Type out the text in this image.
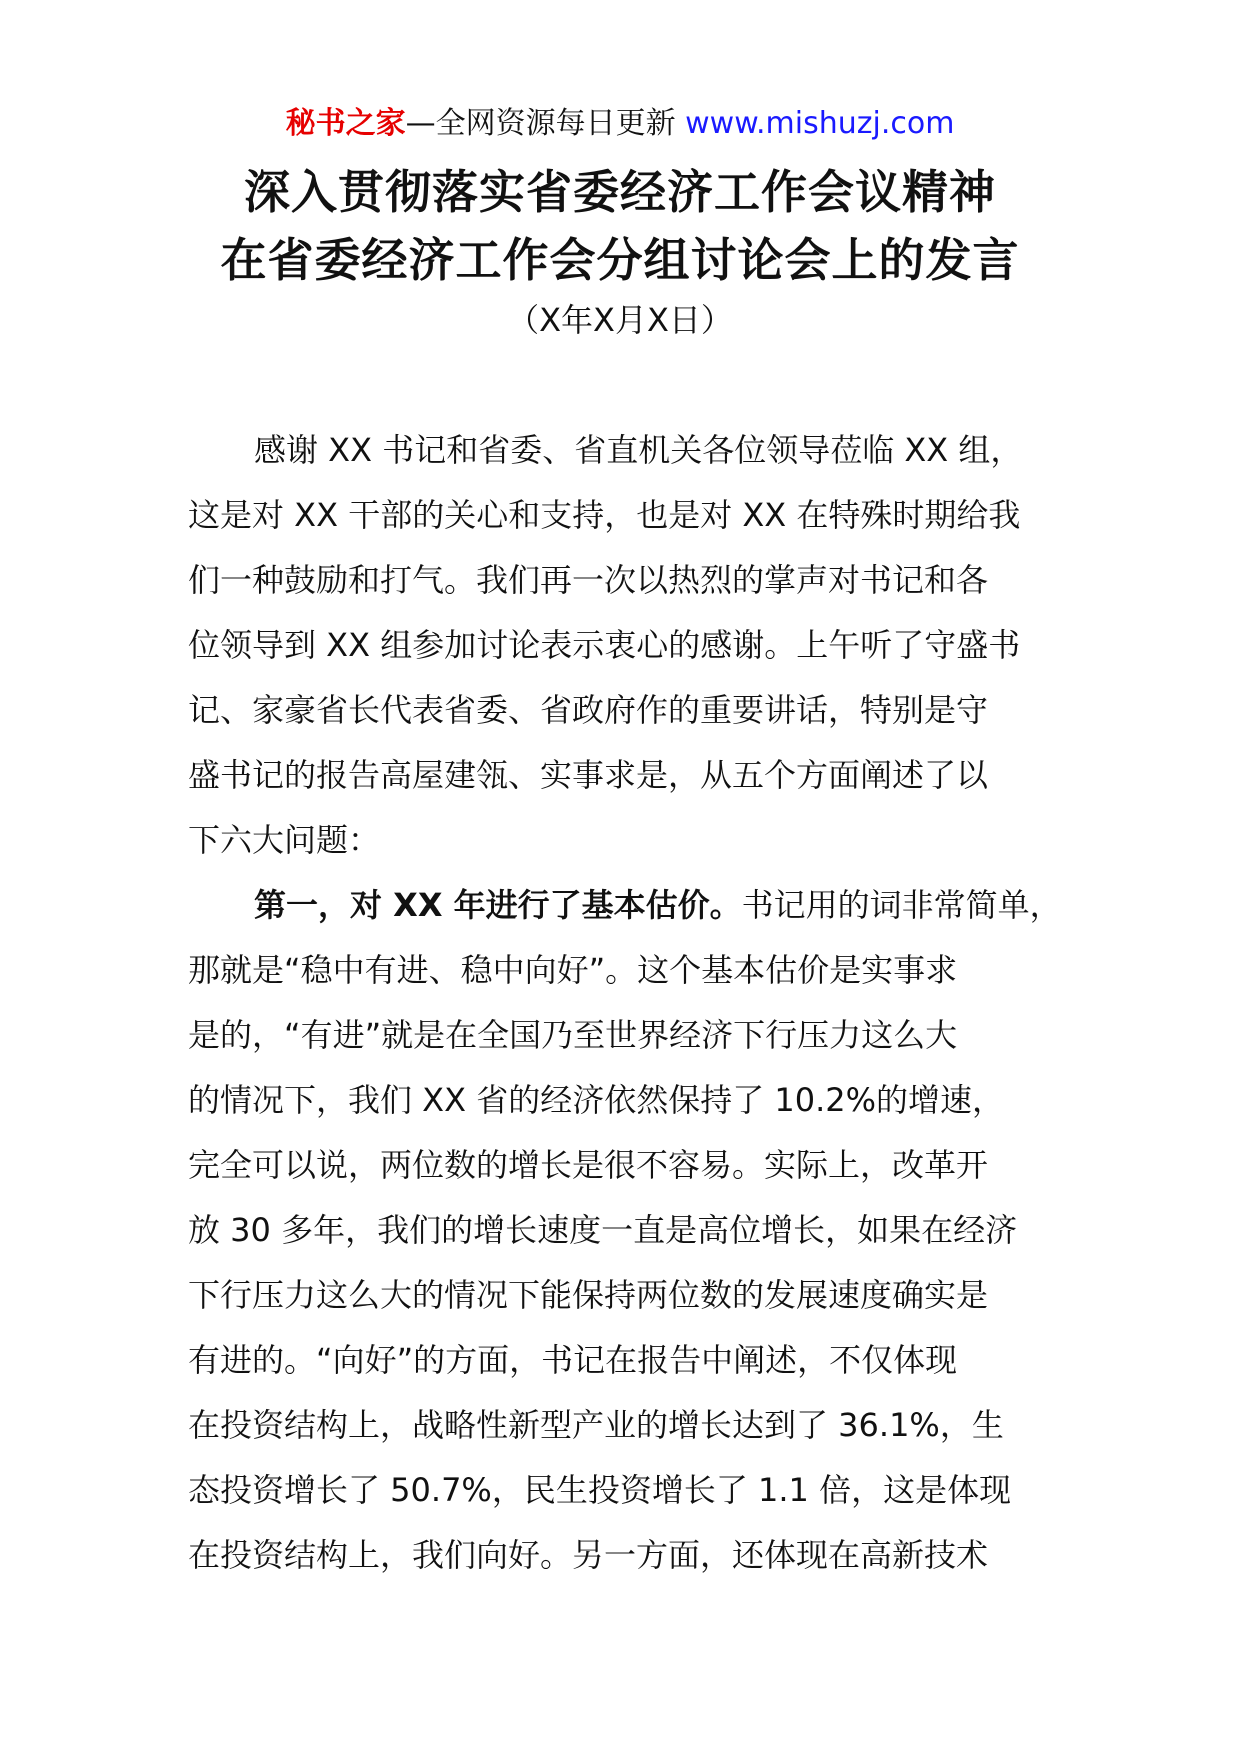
秘书之家—全网资源每日更新 www.mishuzj.com
深入贯彻落实省委经济工作会议精神
在省委经济工作会分组讨论会上的发言
（X年X月X日）
感谢 XX 书记和省委、省直机关各位领导莅临 XX 组，
这是对 XX 干部的关心和支持，也是对 XX 在特殊时期给我
们一种鼓励和打气。我们再一次以热烈的掌声对书记和各
位领导到 XX 组参加讨论表示衷心的感谢。上午听了守盛书
记、家豪省长代表省委、省政府作的重要讲话，特别是守
盛书记的报告高屋建瓴、实事求是，从五个方面阐述了以
下六大问题：
第一，对 XX 年进行了基本估价。书记用的词非常简单，
那就是“稳中有进、稳中向好”。这个基本估价是实事求
是的，“有进”就是在全国乃至世界经济下行压力这么大
的情况下，我们 XX 省的经济依然保持了 10.2%的增速，
完全可以说，两位数的增长是很不容易。实际上，改革开
放 30 多年，我们的增长速度一直是高位增长，如果在经济
下行压力这么大的情况下能保持两位数的发展速度确实是
有进的。“向好”的方面，书记在报告中阐述，不仅体现
在投资结构上，战略性新型产业的增长达到了 36.1%，生
态投资增长了 50.7%，民生投资增长了 1.1 倍，这是体现
在投资结构上，我们向好。另一方面，还体现在高新技术
